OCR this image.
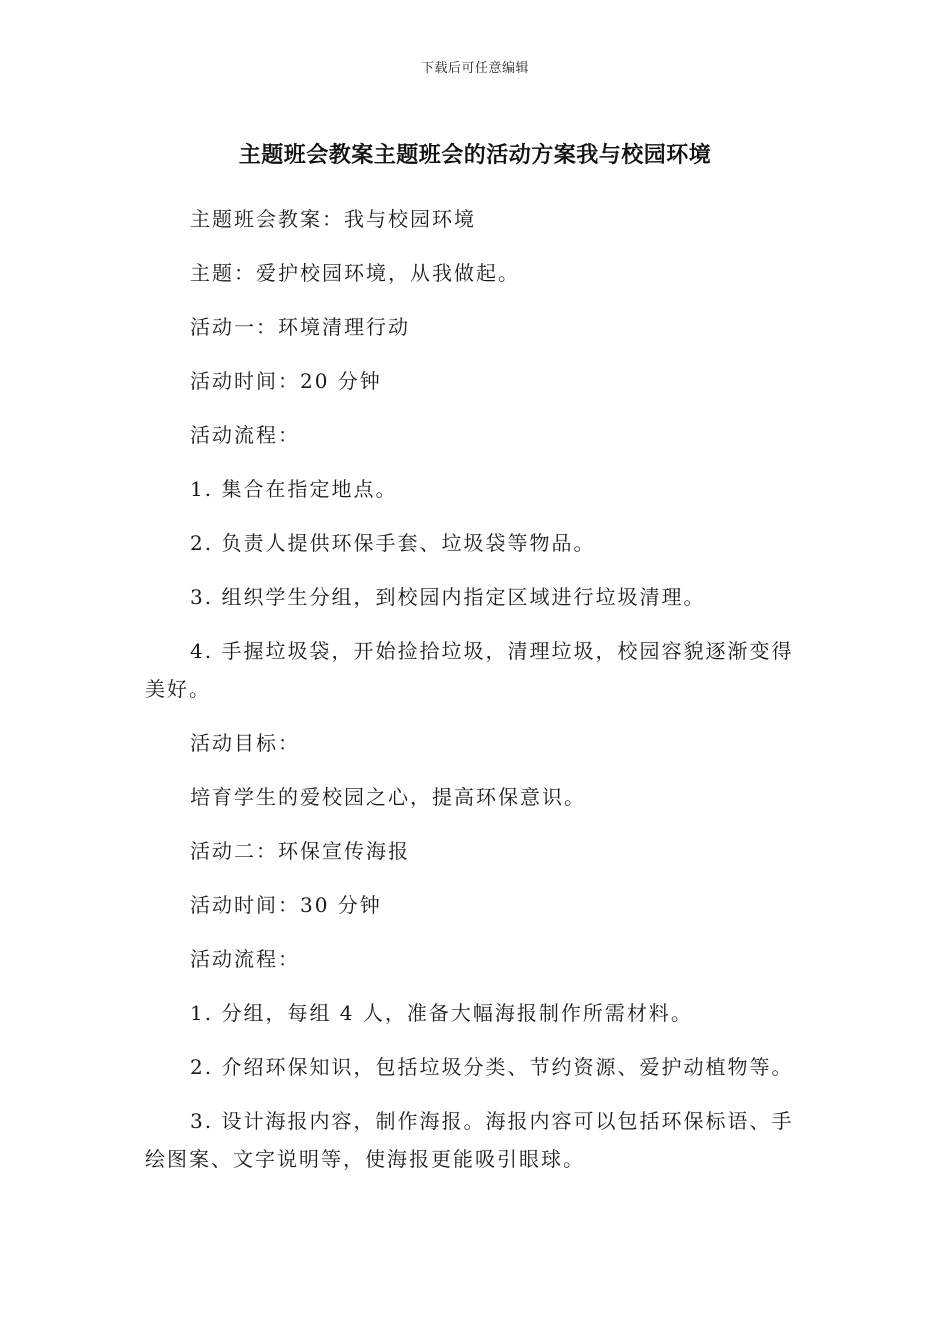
下载后可任意编辑
主题班会教案主题班会的活动方案我与校园环境

主题班会教案：我与校园环境

主题：爱护校园环境，从我做起。

活动一：环境清理行动

活动时间：20 分钟

活动流程：

1. 集合在指定地点。

2. 负责人提供环保手套、垃圾袋等物品。

3. 组织学生分组，到校园内指定区域进行垃圾清理。

4. 手握垃圾袋，开始捡拾垃圾，清理垃圾，校园容貌逐渐变得美好。

活动目标：

培育学生的爱校园之心，提高环保意识。

活动二：环保宣传海报

活动时间：30 分钟

活动流程：

1. 分组，每组 4 人，准备大幅海报制作所需材料。

2. 介绍环保知识，包括垃圾分类、节约资源、爱护动植物等。

3. 设计海报内容，制作海报。海报内容可以包括环保标语、手绘图案、文字说明等，使海报更能吸引眼球。
